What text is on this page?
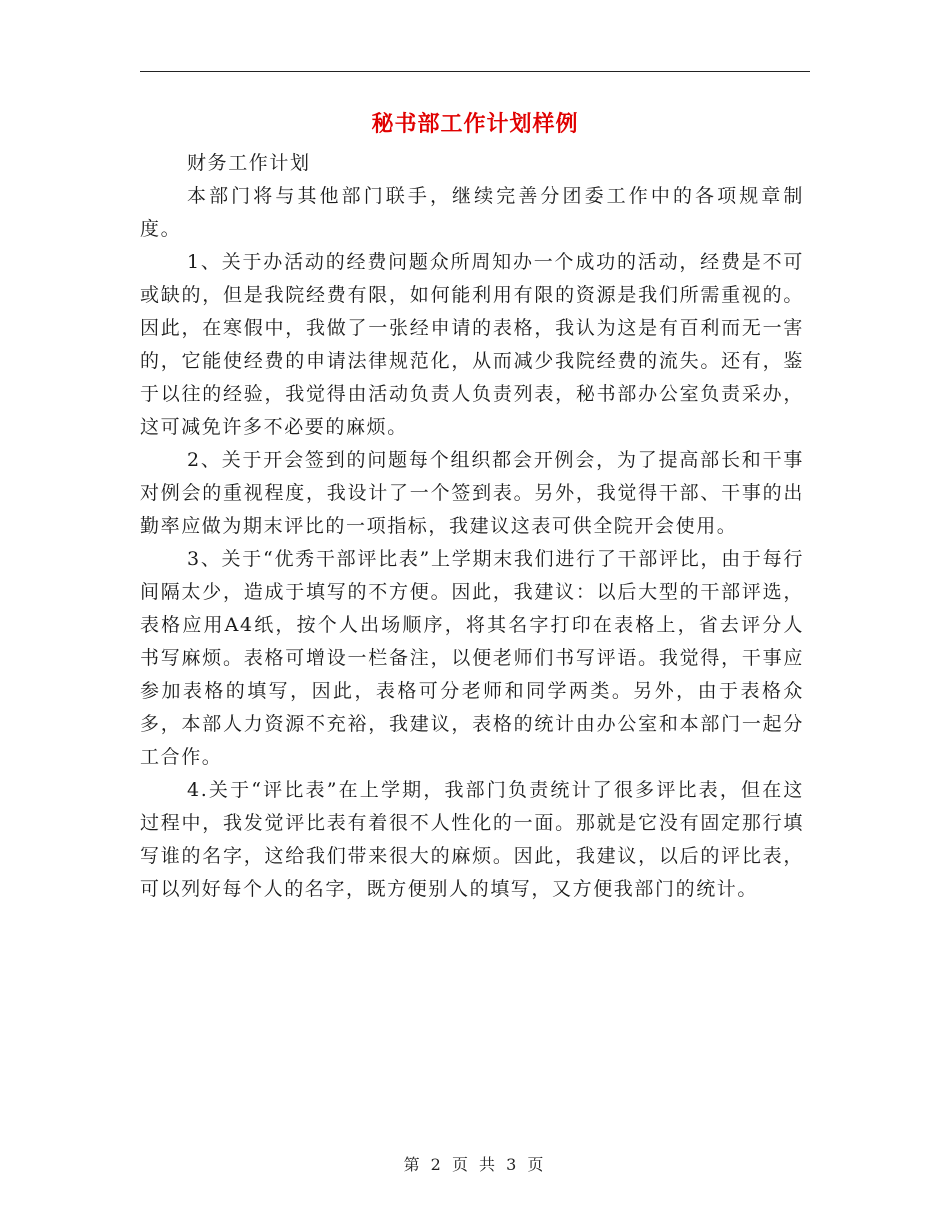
秘书部工作计划样例

财务工作计划

本部门将与其他部门联手，继续完善分团委工作中的各项规章制度。

1、关于办活动的经费问题众所周知办一个成功的活动，经费是不可或缺的，但是我院经费有限，如何能利用有限的资源是我们所需重视的。因此，在寒假中，我做了一张经申请的表格，我认为这是有百利而无一害的，它能使经费的申请法律规范化，从而减少我院经费的流失。还有，鉴于以往的经验，我觉得由活动负责人负责列表，秘书部办公室负责采办，这可减免许多不必要的麻烦。

2、关于开会签到的问题每个组织都会开例会，为了提高部长和干事对例会的重视程度，我设计了一个签到表。另外，我觉得干部、干事的出勤率应做为期末评比的一项指标，我建议这表可供全院开会使用。

3、关于“优秀干部评比表”上学期末我们进行了干部评比，由于每行间隔太少，造成于填写的不方便。因此，我建议：以后大型的干部评选，表格应用A4纸，按个人出场顺序，将其名字打印在表格上，省去评分人书写麻烦。表格可增设一栏备注，以便老师们书写评语。我觉得，干事应参加表格的填写，因此，表格可分老师和同学两类。另外，由于表格众多，本部人力资源不充裕，我建议，表格的统计由办公室和本部门一起分工合作。

4.关于“评比表”在上学期，我部门负责统计了很多评比表，但在这过程中，我发觉评比表有着很不人性化的一面。那就是它没有固定那行填写谁的名字，这给我们带来很大的麻烦。因此，我建议，以后的评比表，可以列好每个人的名字，既方便别人的填写，又方便我部门的统计。

第 2 页 共 3 页
